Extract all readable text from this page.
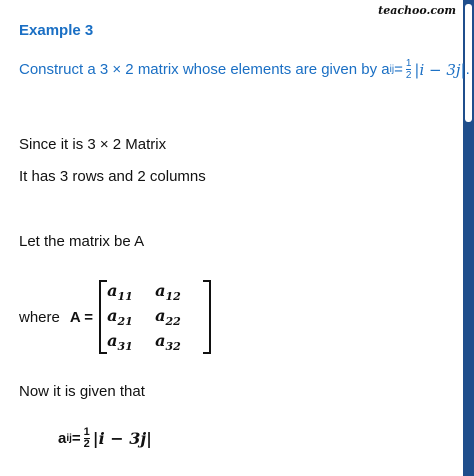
teachoo.com
Example 3
Construct a 3 × 2 matrix whose elements are given by a ij = $\frac{1}{2} |i - 3j|$ .
Since it is 3 × 2 Matrix
It has 3 rows and 2 columns
Let the matrix be A
where A =
$a_{11}$	$a_{12}$
$a_{21}$	$a_{22}$
$a_{31}$	$a_{32}$
Now it is given that
a ij = $\frac{1}{2} |i - 3j|$
